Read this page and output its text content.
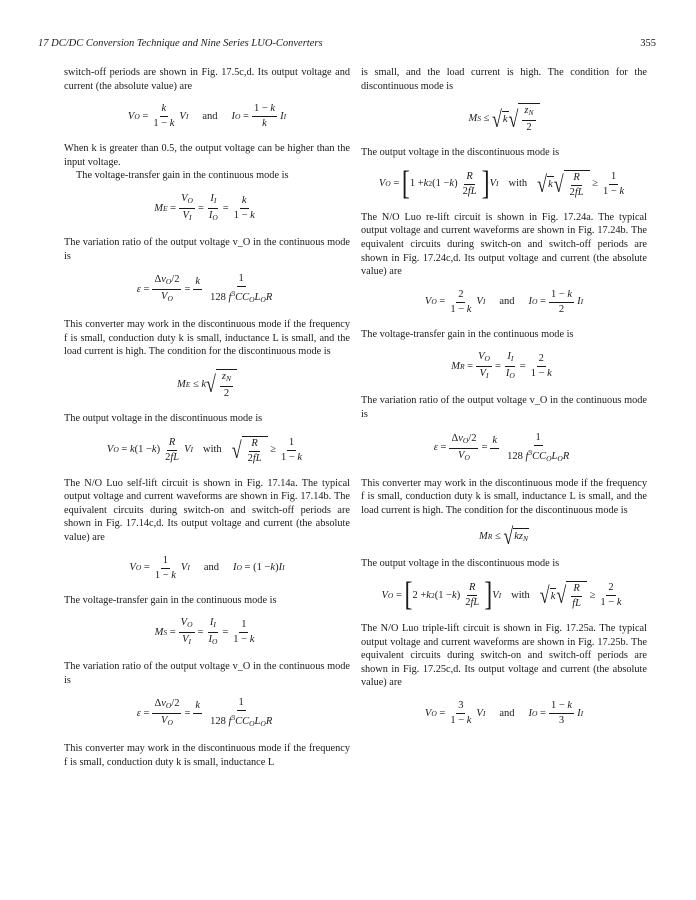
17 DC/DC Conversion Technique and Nine Series LUO-Converters	355

switch-off periods are shown in Fig. 17.5c,d. Its output voltage and current (the absolute value) are

V $O = \frac{k}{1 - k}$ V I and I $O = \frac{1 - k}{k}$ I I

When k is greater than 0.5, the output voltage can be higher than the input voltage.

The voltage-transfer gain in the continuous mode is

M $E = \frac{V_O}{V_I} = \frac{I_I}{I_O} = \frac{k}{1 - k}$

The variation ratio of the output voltage v_O in the continuous mode is

$\varepsilon = \frac{\Delta v_O/2}{V_O}$ =
k
$\frac{1}{128 f^3CC_OL_OR}$

This converter may work in the discontinuous mode if the frequency f is small, conduction duty k is small, inductance L is small, and the load current is high. The condition for the discontinuous mode is

M E ≤ k √ $\frac{z_N}{2}$

The output voltage in the discontinuous mode is

V O = k (1 − k ) $\frac{R}{2fL}$ V I with √ $\frac{R}{2fL} \ge \frac{1}{1 - k}$

The N/O Luo self-lift circuit is shown in Fig. 17.14a. The typical output voltage and current waveforms are shown in Fig. 17.14b. The equivalent circuits during switch-on and switch-off periods are shown in Fig. 17.14c,d. Its output voltage and current (the absolute value) are

V $O = \frac{1}{1 - k}$ V I and I O = (1 − k ) I I

The voltage-transfer gain in the continuous mode is

M $S = \frac{V_O}{V_I} = \frac{I_I}{I_O} = \frac{1}{1 - k}$

The variation ratio of the output voltage v_O in the continuous mode is

$\varepsilon = \frac{\Delta v_O/2}{V_O}$ =
k
$\frac{1}{128 f^3CC_OL_OR}$

This converter may work in the discontinuous mode if the frequency f is small, conduction duty k is small, inductance L

is small, and the load current is high. The condition for the discontinuous mode is

M S ≤ √ k √ $\frac{z_N}{2}$

The output voltage in the discontinuous mode is

V O = [ 1 + k 2 (1 − k ) $\frac{R}{2fL}$ ] V I with √ k √ $\frac{R}{2fL} \ge \frac{1}{1 - k}$

The N/O Luo re-lift circuit is shown in Fig. 17.24a. The typical output voltage and current waveforms are shown in Fig. 17.24b. The equivalent circuits during switch-on and switch-off periods are shown in Fig. 17.24c,d. Its output voltage and current (the absolute value) are

V $O = \frac{2}{1 - k}$ V I and I $O = \frac{1 - k}{2}$ I I

The voltage-transfer gain in the continuous mode is

M $R = \frac{V_O}{V_I} = \frac{I_I}{I_O} = \frac{2}{1 - k}$

The variation ratio of the output voltage v_O in the continuous mode is

$\varepsilon = \frac{\Delta v_O/2}{V_O}$ =
k
$\frac{1}{128 f^3CC_OL_OR}$

This converter may work in the discontinuous mode if the frequency f is small, conduction duty k is small, inductance L is small, and the load current is high. The condition for the discontinuous mode is

M R ≤ √ $kz_N$

The output voltage in the discontinuous mode is

V O = [ 2 + k 2 (1 − k ) $\frac{R}{2fL}$ ] V I with √ k √ $\frac{R}{fL} \ge \frac{2}{1 - k}$

The N/O Luo triple-lift circuit is shown in Fig. 17.25a. The typical output voltage and current waveforms are shown in Fig. 17.25b. The equivalent circuits during switch-on and switch-off periods are shown in Fig. 17.25c,d. Its output voltage and current (the absolute value) are

V $O = \frac{3}{1 - k}$ V I and I $O = \frac{1 - k}{3}$ I I
